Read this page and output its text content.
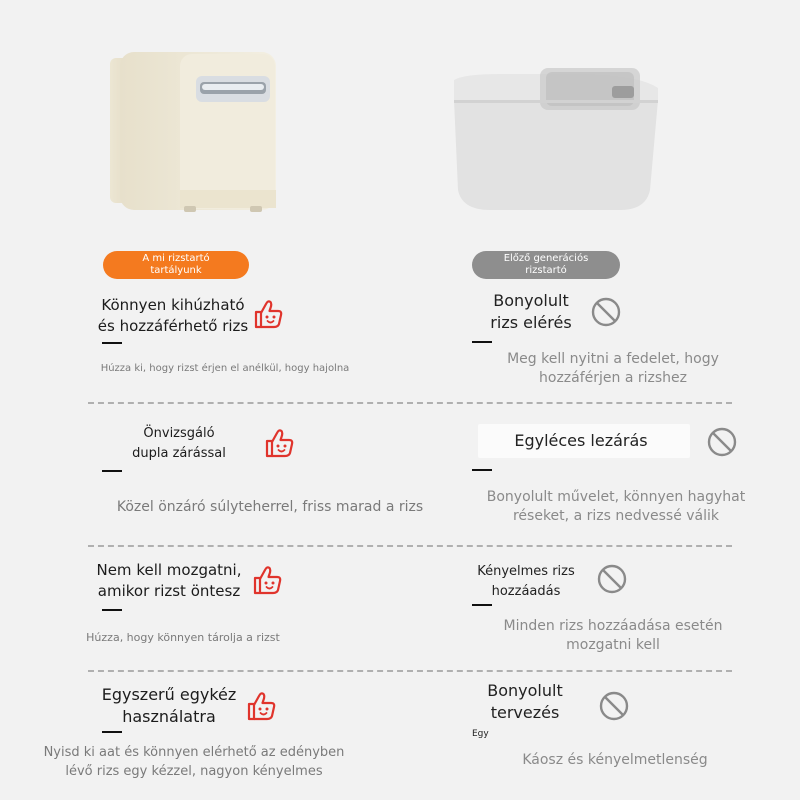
A mi rizstartó
tartályunk
Előző generációs
rizstartó
Könnyen kihúzható
és hozzáférhető rizs
Húzza ki, hogy rizst érjen el anélkül, hogy hajolna
Bonyolult
rizs elérés
Meg kell nyitni a fedelet, hogy
hozzáférjen a rizshez
Önvizsgáló
dupla zárással
Közel önzáró súlyteherrel, friss marad a rizs
Egyléces lezárás
Bonyolult művelet, könnyen hagyhat
réseket, a rizs nedvessé válik
Nem kell mozgatni,
amikor rizst öntesz
Húzza, hogy könnyen tárolja a rizst
Kényelmes rizs
hozzáadás
Minden rizs hozzáadása esetén
mozgatni kell
Egyszerű egykéz
használatra
Nyisd ki aat és könnyen elérhető az edényben
lévő rizs egy kézzel, nagyon kényelmes
Bonyolult
tervezés
Egy
Káosz és kényelmetlenség
